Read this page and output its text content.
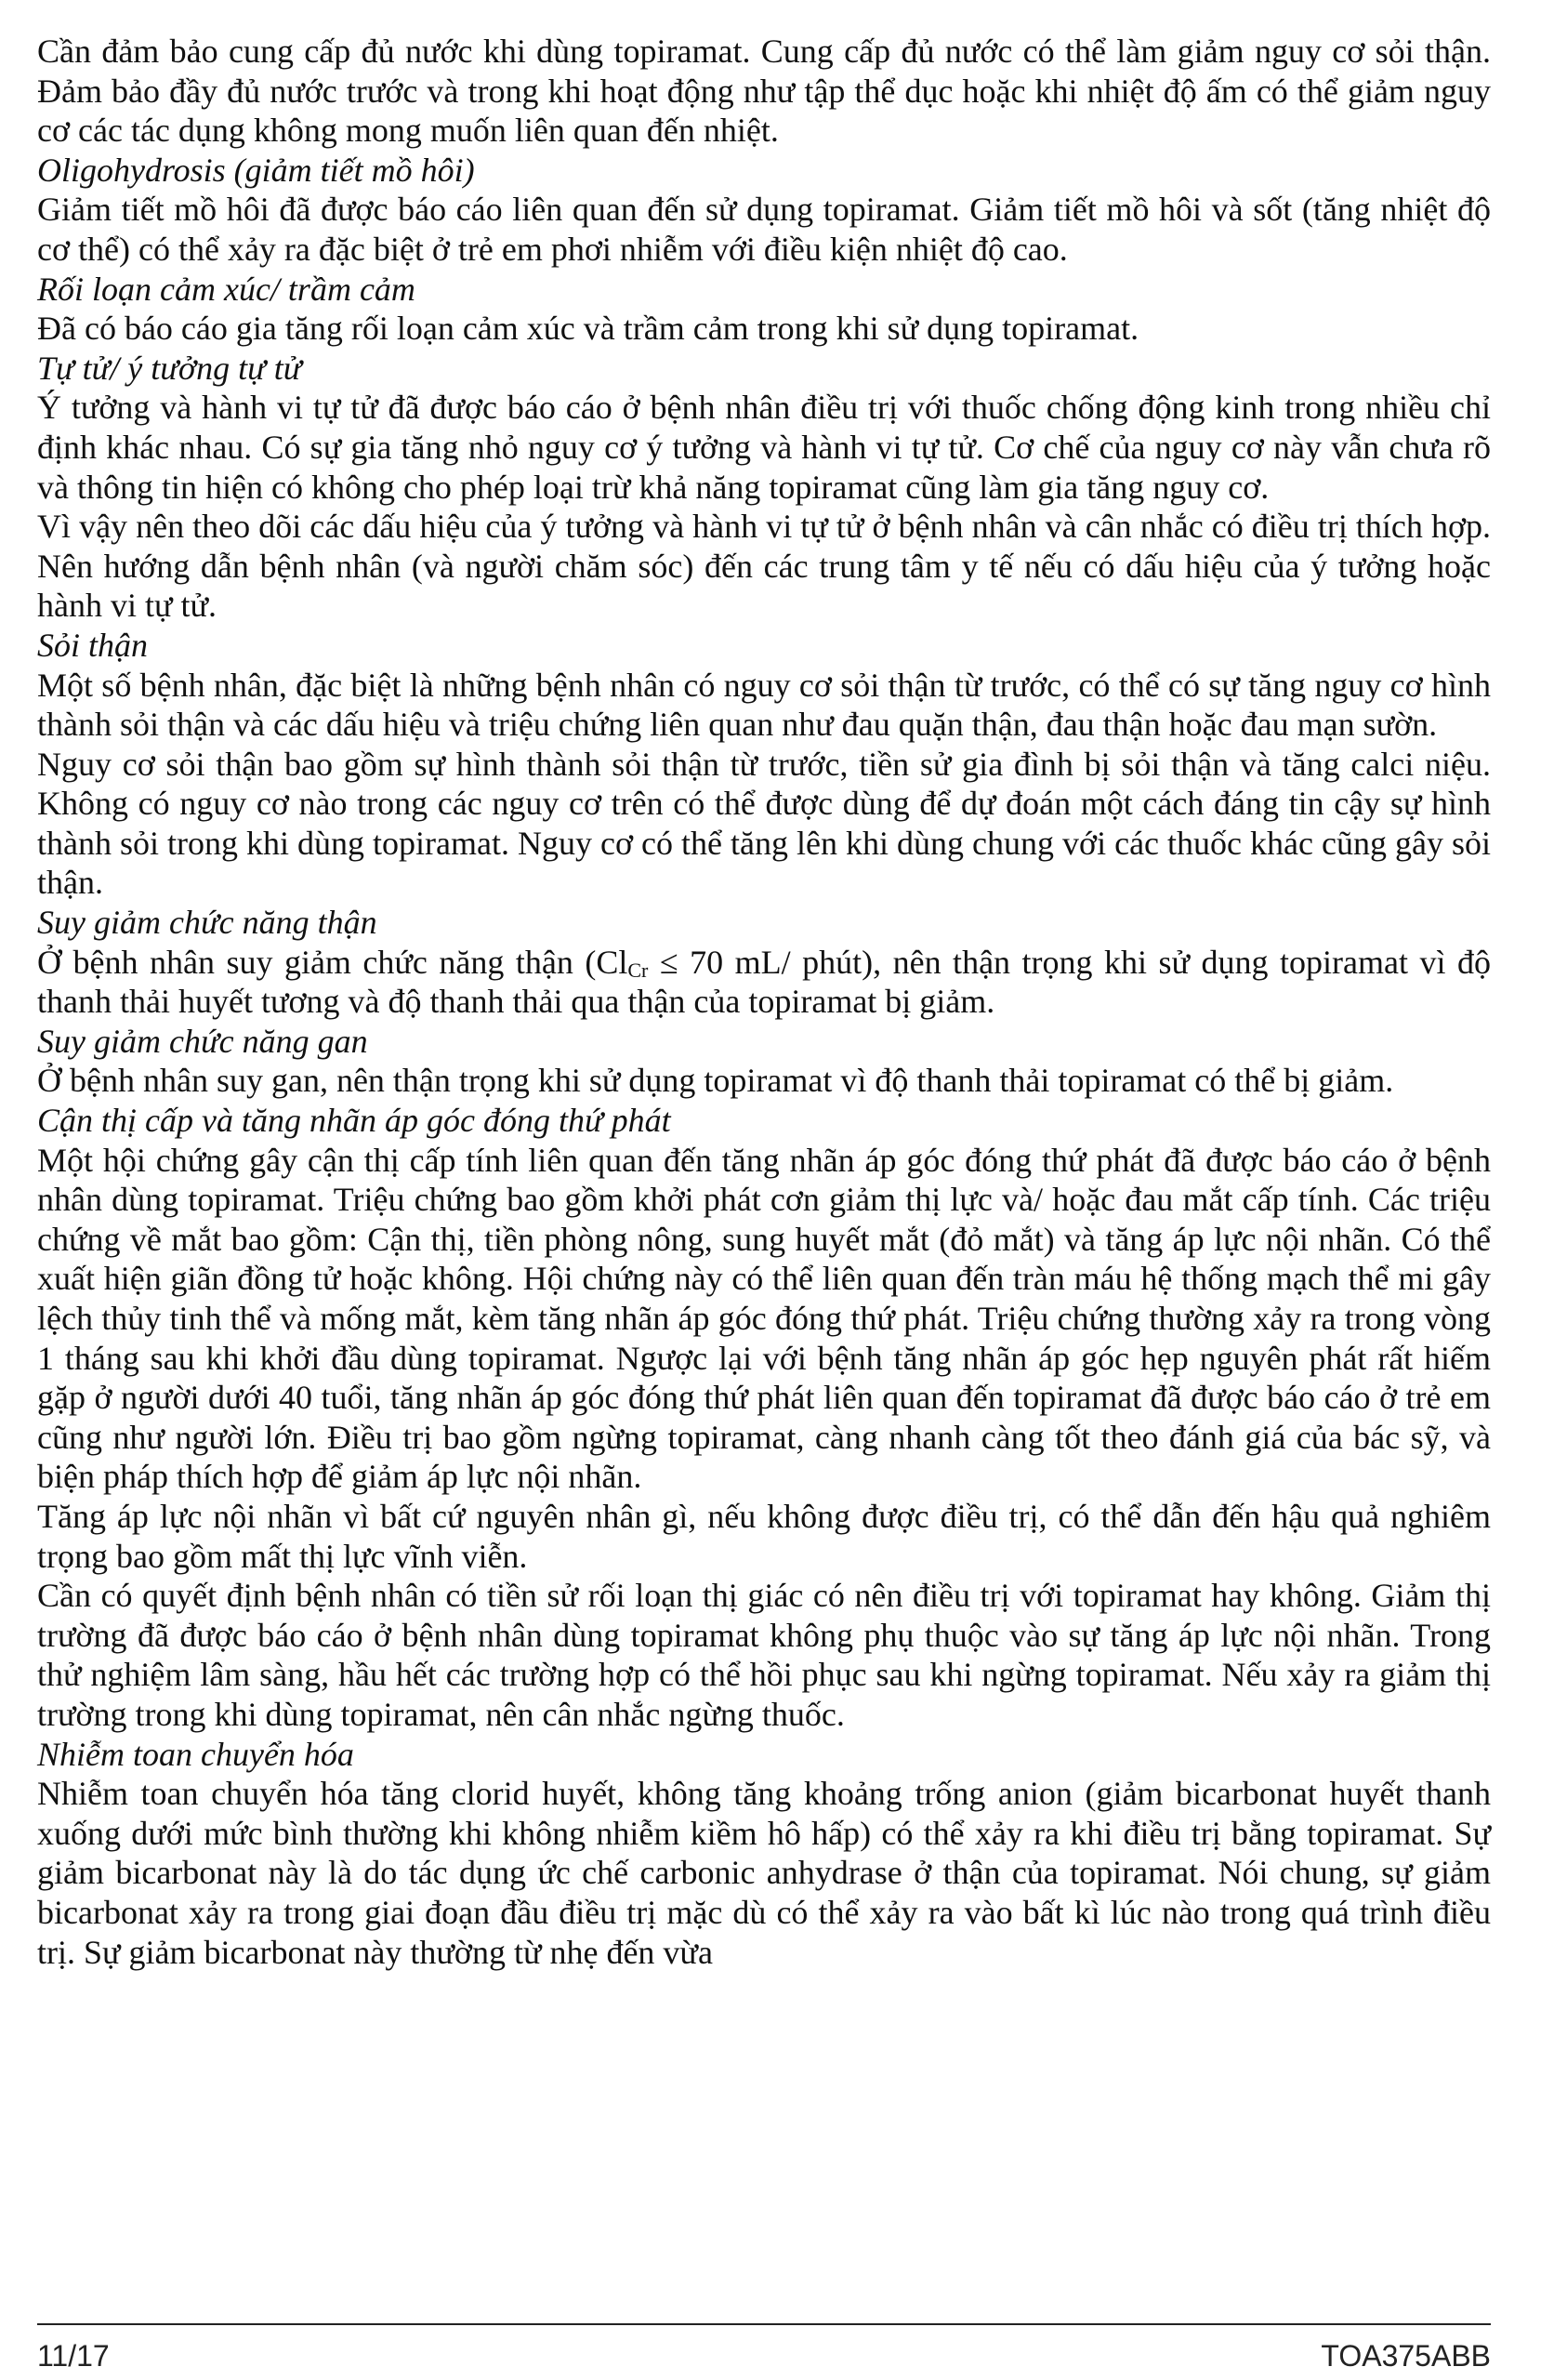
Cần đảm bảo cung cấp đủ nước khi dùng topiramat. Cung cấp đủ nước có thể làm giảm nguy cơ sỏi thận. Đảm bảo đầy đủ nước trước và trong khi hoạt động như tập thể dục hoặc khi nhiệt độ ấm có thể giảm nguy cơ các tác dụng không mong muốn liên quan đến nhiệt.

Oligohydrosis (giảm tiết mồ hôi)

Giảm tiết mồ hôi đã được báo cáo liên quan đến sử dụng topiramat. Giảm tiết mồ hôi và sốt (tăng nhiệt độ cơ thể) có thể xảy ra đặc biệt ở trẻ em phơi nhiễm với điều kiện nhiệt độ cao.

Rối loạn cảm xúc/ trầm cảm

Đã có báo cáo gia tăng rối loạn cảm xúc và trầm cảm trong khi sử dụng topiramat.

Tự tử/ ý tưởng tự tử

Ý tưởng và hành vi tự tử đã được báo cáo ở bệnh nhân điều trị với thuốc chống động kinh trong nhiều chỉ định khác nhau. Có sự gia tăng nhỏ nguy cơ ý tưởng và hành vi tự tử. Cơ chế của nguy cơ này vẫn chưa rõ và thông tin hiện có không cho phép loại trừ khả năng topiramat cũng làm gia tăng nguy cơ.

Vì vậy nên theo dõi các dấu hiệu của ý tưởng và hành vi tự tử ở bệnh nhân và cân nhắc có điều trị thích hợp. Nên hướng dẫn bệnh nhân (và người chăm sóc) đến các trung tâm y tế nếu có dấu hiệu của ý tưởng hoặc hành vi tự tử.

Sỏi thận

Một số bệnh nhân, đặc biệt là những bệnh nhân có nguy cơ sỏi thận từ trước, có thể có sự tăng nguy cơ hình thành sỏi thận và các dấu hiệu và triệu chứng liên quan như đau quặn thận, đau thận hoặc đau mạn sườn.

Nguy cơ sỏi thận bao gồm sự hình thành sỏi thận từ trước, tiền sử gia đình bị sỏi thận và tăng calci niệu. Không có nguy cơ nào trong các nguy cơ trên có thể được dùng để dự đoán một cách đáng tin cậy sự hình thành sỏi trong khi dùng topiramat. Nguy cơ có thể tăng lên khi dùng chung với các thuốc khác cũng gây sỏi thận.

Suy giảm chức năng thận

Ở bệnh nhân suy giảm chức năng thận ($Cl_{Cr} \le 70$ mL/ phút), nên thận trọng khi sử dụng topiramat vì độ thanh thải huyết tương và độ thanh thải qua thận của topiramat bị giảm.

Suy giảm chức năng gan

Ở bệnh nhân suy gan, nên thận trọng khi sử dụng topiramat vì độ thanh thải topiramat có thể bị giảm.

Cận thị cấp và tăng nhãn áp góc đóng thứ phát

Một hội chứng gây cận thị cấp tính liên quan đến tăng nhãn áp góc đóng thứ phát đã được báo cáo ở bệnh nhân dùng topiramat. Triệu chứng bao gồm khởi phát cơn giảm thị lực và/ hoặc đau mắt cấp tính. Các triệu chứng về mắt bao gồm: Cận thị, tiền phòng nông, sung huyết mắt (đỏ mắt) và tăng áp lực nội nhãn. Có thể xuất hiện giãn đồng tử hoặc không. Hội chứng này có thể liên quan đến tràn máu hệ thống mạch thể mi gây lệch thủy tinh thể và mống mắt, kèm tăng nhãn áp góc đóng thứ phát. Triệu chứng thường xảy ra trong vòng 1 tháng sau khi khởi đầu dùng topiramat. Ngược lại với bệnh tăng nhãn áp góc hẹp nguyên phát rất hiếm gặp ở người dưới 40 tuổi, tăng nhãn áp góc đóng thứ phát liên quan đến topiramat đã được báo cáo ở trẻ em cũng như người lớn. Điều trị bao gồm ngừng topiramat, càng nhanh càng tốt theo đánh giá của bác sỹ, và biện pháp thích hợp để giảm áp lực nội nhãn.

Tăng áp lực nội nhãn vì bất cứ nguyên nhân gì, nếu không được điều trị, có thể dẫn đến hậu quả nghiêm trọng bao gồm mất thị lực vĩnh viễn.

Cần có quyết định bệnh nhân có tiền sử rối loạn thị giác có nên điều trị với topiramat hay không. Giảm thị trường đã được báo cáo ở bệnh nhân dùng topiramat không phụ thuộc vào sự tăng áp lực nội nhãn. Trong thử nghiệm lâm sàng, hầu hết các trường hợp có thể hồi phục sau khi ngừng topiramat. Nếu xảy ra giảm thị trường trong khi dùng topiramat, nên cân nhắc ngừng thuốc.

Nhiễm toan chuyển hóa

Nhiễm toan chuyển hóa tăng clorid huyết, không tăng khoảng trống anion (giảm bicarbonat huyết thanh xuống dưới mức bình thường khi không nhiễm kiềm hô hấp) có thể xảy ra khi điều trị bằng topiramat. Sự giảm bicarbonat này là do tác dụng ức chế carbonic anhydrase ở thận của topiramat. Nói chung, sự giảm bicarbonat xảy ra trong giai đoạn đầu điều trị mặc dù có thể xảy ra vào bất kì lúc nào trong quá trình điều trị. Sự giảm bicarbonat này thường từ nhẹ đến vừa

11/17	TOA375ABB
